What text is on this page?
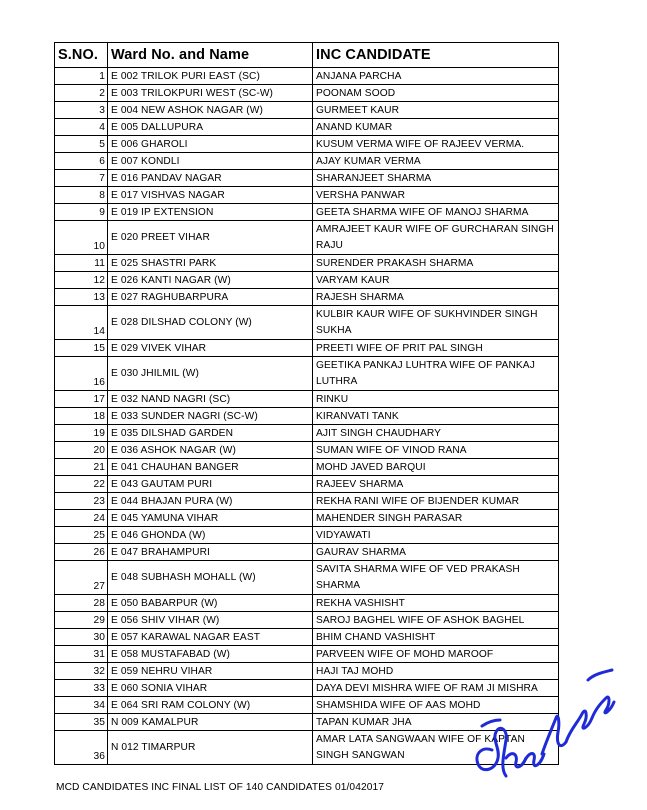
S.NO.	Ward No. and Name	INC CANDIDATE
1	E 002 TRILOK PURI EAST (SC)	ANJANA PARCHA
2	E 003 TRILOKPURI WEST (SC-W)	POONAM SOOD
3	E 004 NEW ASHOK NAGAR (W)	GURMEET KAUR
4	E 005 DALLUPURA	ANAND KUMAR
5	E 006 GHAROLI	KUSUM VERMA WIFE OF RAJEEV VERMA.
6	E 007 KONDLI	AJAY KUMAR VERMA
7	E 016 PANDAV NAGAR	SHARANJEET SHARMA
8	E 017 VISHVAS NAGAR	VERSHA PANWAR
9	E 019 IP EXTENSION	GEETA SHARMA WIFE OF MANOJ SHARMA
10	E 020 PREET VIHAR	AMRAJEET KAUR WIFE OF GURCHARAN SINGH RAJU
11	E 025 SHASTRI PARK	SURENDER PRAKASH SHARMA
12	E 026 KANTI NAGAR (W)	VARYAM KAUR
13	E 027 RAGHUBARPURA	RAJESH SHARMA
14	E 028 DILSHAD COLONY (W)	KULBIR KAUR WIFE OF SUKHVINDER SINGH SUKHA
15	E 029 VIVEK VIHAR	PREETI WIFE OF PRIT PAL SINGH
16	E 030 JHILMIL (W)	GEETIKA PANKAJ LUHTRA WIFE OF PANKAJ LUTHRA
17	E 032 NAND NAGRI (SC)	RINKU
18	E 033 SUNDER NAGRI (SC-W)	KIRANVATI TANK
19	E 035 DILSHAD GARDEN	AJIT SINGH CHAUDHARY
20	E 036 ASHOK NAGAR (W)	SUMAN WIFE OF VINOD RANA
21	E 041 CHAUHAN BANGER	MOHD JAVED BARQUI
22	E 043 GAUTAM PURI	RAJEEV SHARMA
23	E 044 BHAJAN PURA (W)	REKHA RANI WIFE OF BIJENDER KUMAR
24	E 045 YAMUNA VIHAR	MAHENDER SINGH PARASAR
25	E 046 GHONDA (W)	VIDYAWATI
26	E 047 BRAHAMPURI	GAURAV SHARMA
27	E 048 SUBHASH MOHALL (W)	SAVITA SHARMA WIFE OF VED PRAKASH SHARMA
28	E 050 BABARPUR (W)	REKHA VASHISHT
29	E 056 SHIV VIHAR (W)	SAROJ BAGHEL WIFE OF ASHOK BAGHEL
30	E 057 KARAWAL NAGAR EAST	BHIM CHAND VASHISHT
31	E 058 MUSTAFABAD (W)	PARVEEN WIFE OF MOHD MAROOF
32	E 059 NEHRU VIHAR	HAJI TAJ MOHD
33	E 060 SONIA VIHAR	DAYA DEVI MISHRA WIFE OF RAM JI MISHRA
34	E 064 SRI RAM COLONY (W)	SHAMSHIDA WIFE OF AAS MOHD
35	N 009 KAMALPUR	TAPAN KUMAR JHA
36	N 012 TIMARPUR	AMAR LATA SANGWAAN WIFE OF KAPTAN SINGH SANGWAN
MCD CANDIDATES INC FINAL LIST OF 140 CANDIDATES 01/042017
